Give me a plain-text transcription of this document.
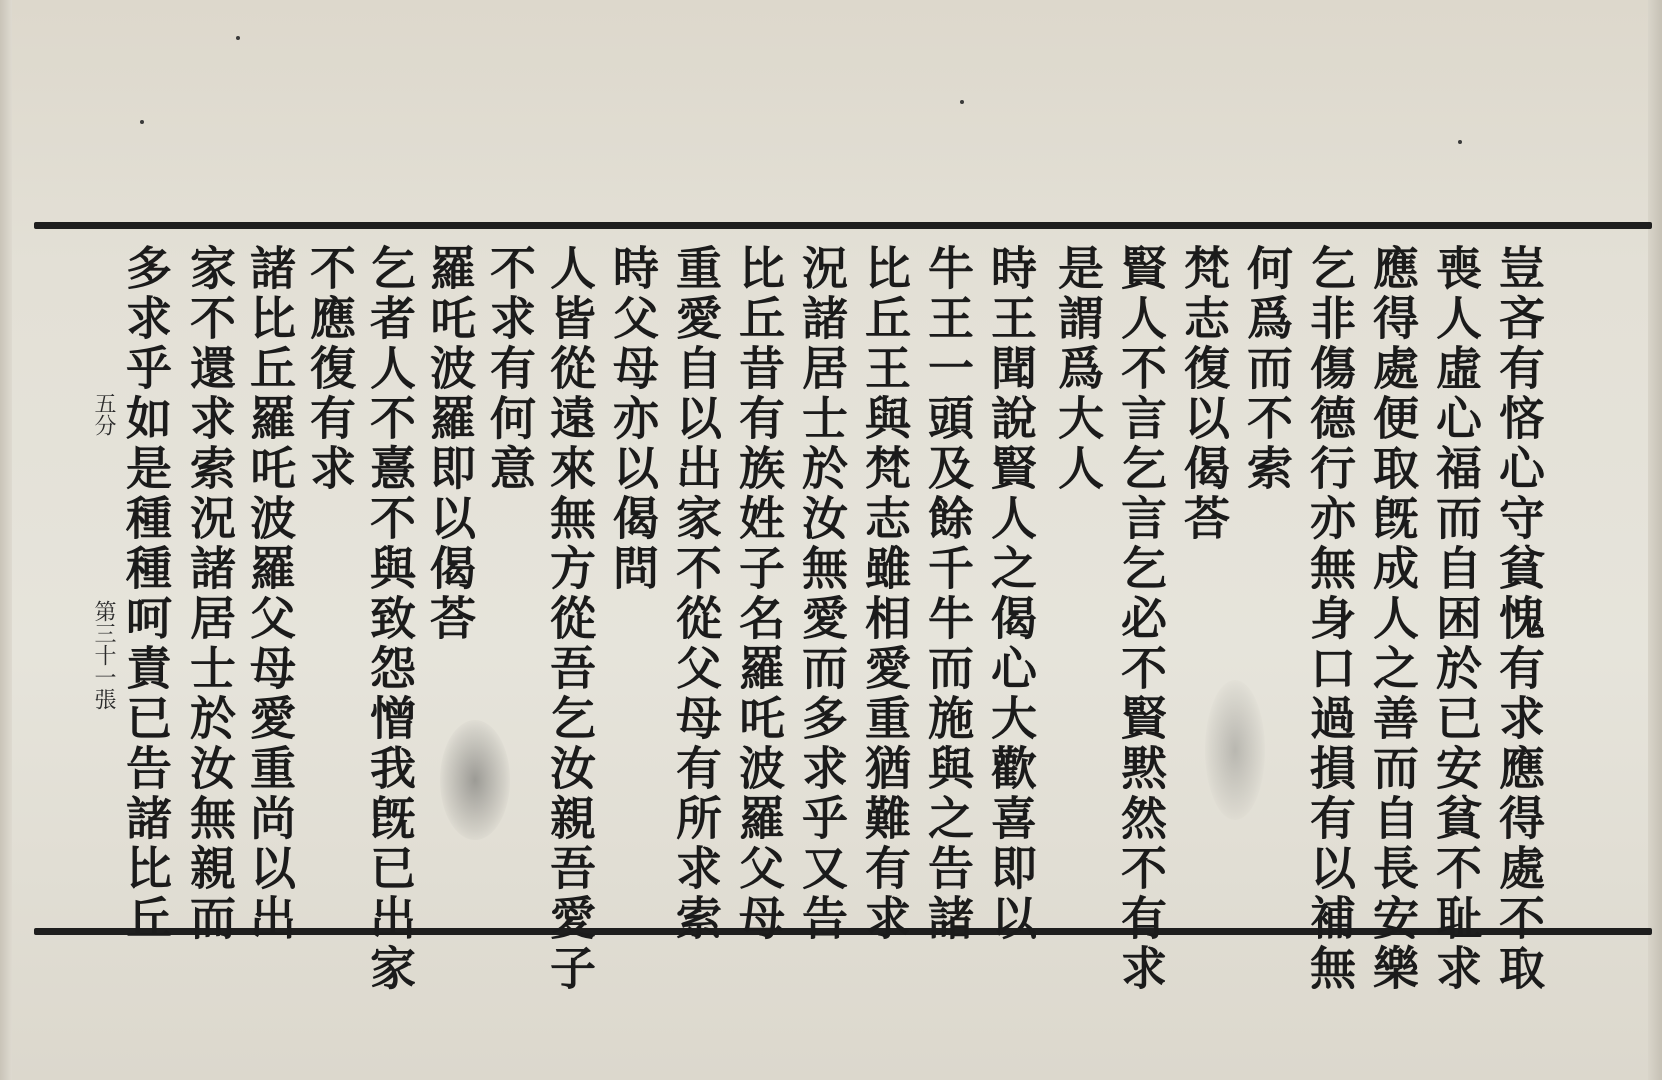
豈吝有悋心守貧愧有求應得處不取
喪人虛心福而自困於已安貧不耻求
應得處便取旣成人之善而自長安樂
乞非傷德行亦無身口過損有以補無
何爲而不索
梵志復以偈荅
賢人不言乞言乞必不賢黙然不有求
是謂爲大人
時王聞說賢人之偈心大歡喜即以
牛王一頭及餘千牛而施與之告諸
比丘王與梵志雖相愛重猶難有求
況諸居士於汝無愛而多求乎又告
比丘昔有族姓子名羅吒波羅父母
重愛自以出家不從父母有所求索
時父母亦以偈問
人皆從遠來無方從吾乞汝親吾愛子
不求有何意
羅吒波羅即以偈荅
乞者人不憙不與致怨憎我旣已出家
不應復有求
諸比丘羅吒波羅父母愛重尚以出
家不還求索況諸居士於汝無親而
多求乎如是種種呵責已告諸比丘
五分
第三十一張
